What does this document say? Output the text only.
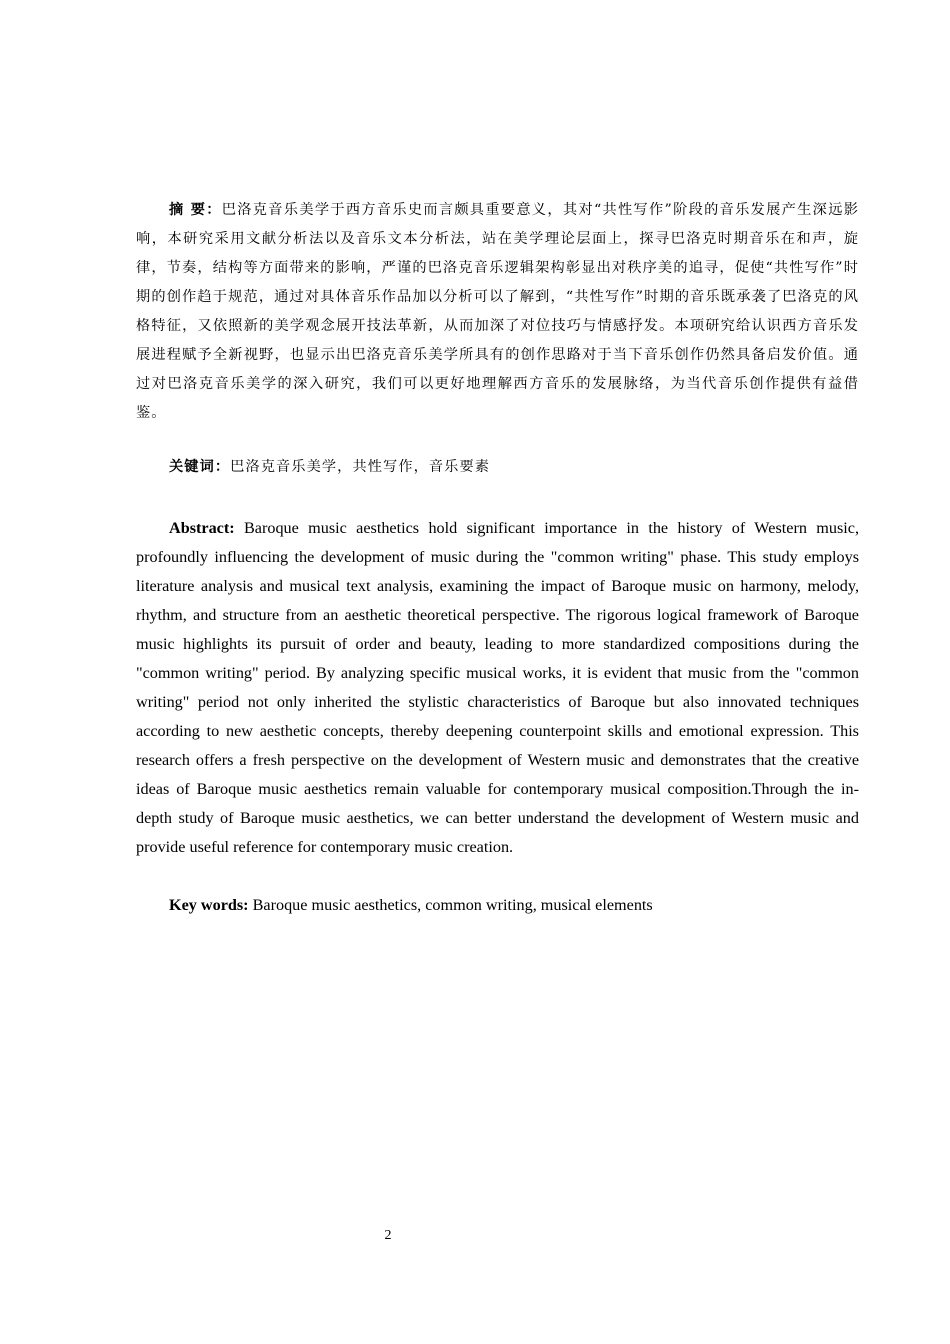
摘 要：巴洛克音乐美学于西方音乐史而言颇具重要意义，其对“共性写作”阶段的音乐发展产生深远影响，本研究采用文献分析法以及音乐文本分析法，站在美学理论层面上，探寻巴洛克时期音乐在和声，旋律，节奏，结构等方面带来的影响，严谨的巴洛克音乐逻辑架构彰显出对秩序美的追寻，促使“共性写作”时期的创作趋于规范，通过对具体音乐作品加以分析可以了解到，“共性写作”时期的音乐既承袭了巴洛克的风格特征，又依照新的美学观念展开技法革新，从而加深了对位技巧与情感抒发。本项研究给认识西方音乐发展进程赋予全新视野，也显示出巴洛克音乐美学所具有的创作思路对于当下音乐创作仍然具备启发价值。通过对巴洛克音乐美学的深入研究，我们可以更好地理解西方音乐的发展脉络，为当代音乐创作提供有益借鉴。

关键词：巴洛克音乐美学，共性写作，音乐要素

Abstract: Baroque music aesthetics hold significant importance in the history of Western music, profoundly influencing the development of music during the "common writing" phase. This study employs literature analysis and musical text analysis, examining the impact of Baroque music on harmony, melody, rhythm, and structure from an aesthetic theoretical perspective. The rigorous logical framework of Baroque music highlights its pursuit of order and beauty, leading to more standardized compositions during the "common writing" period. By analyzing specific musical works, it is evident that music from the "common writing" period not only inherited the stylistic characteristics of Baroque but also innovated techniques according to new aesthetic concepts, thereby deepening counterpoint skills and emotional expression. This research offers a fresh perspective on the development of Western music and demonstrates that the creative ideas of Baroque music aesthetics remain valuable for contemporary musical composition.Through the in-depth study of Baroque music aesthetics, we can better understand the development of Western music and provide useful reference for contemporary music creation.

Key words: Baroque music aesthetics, common writing, musical elements

2
